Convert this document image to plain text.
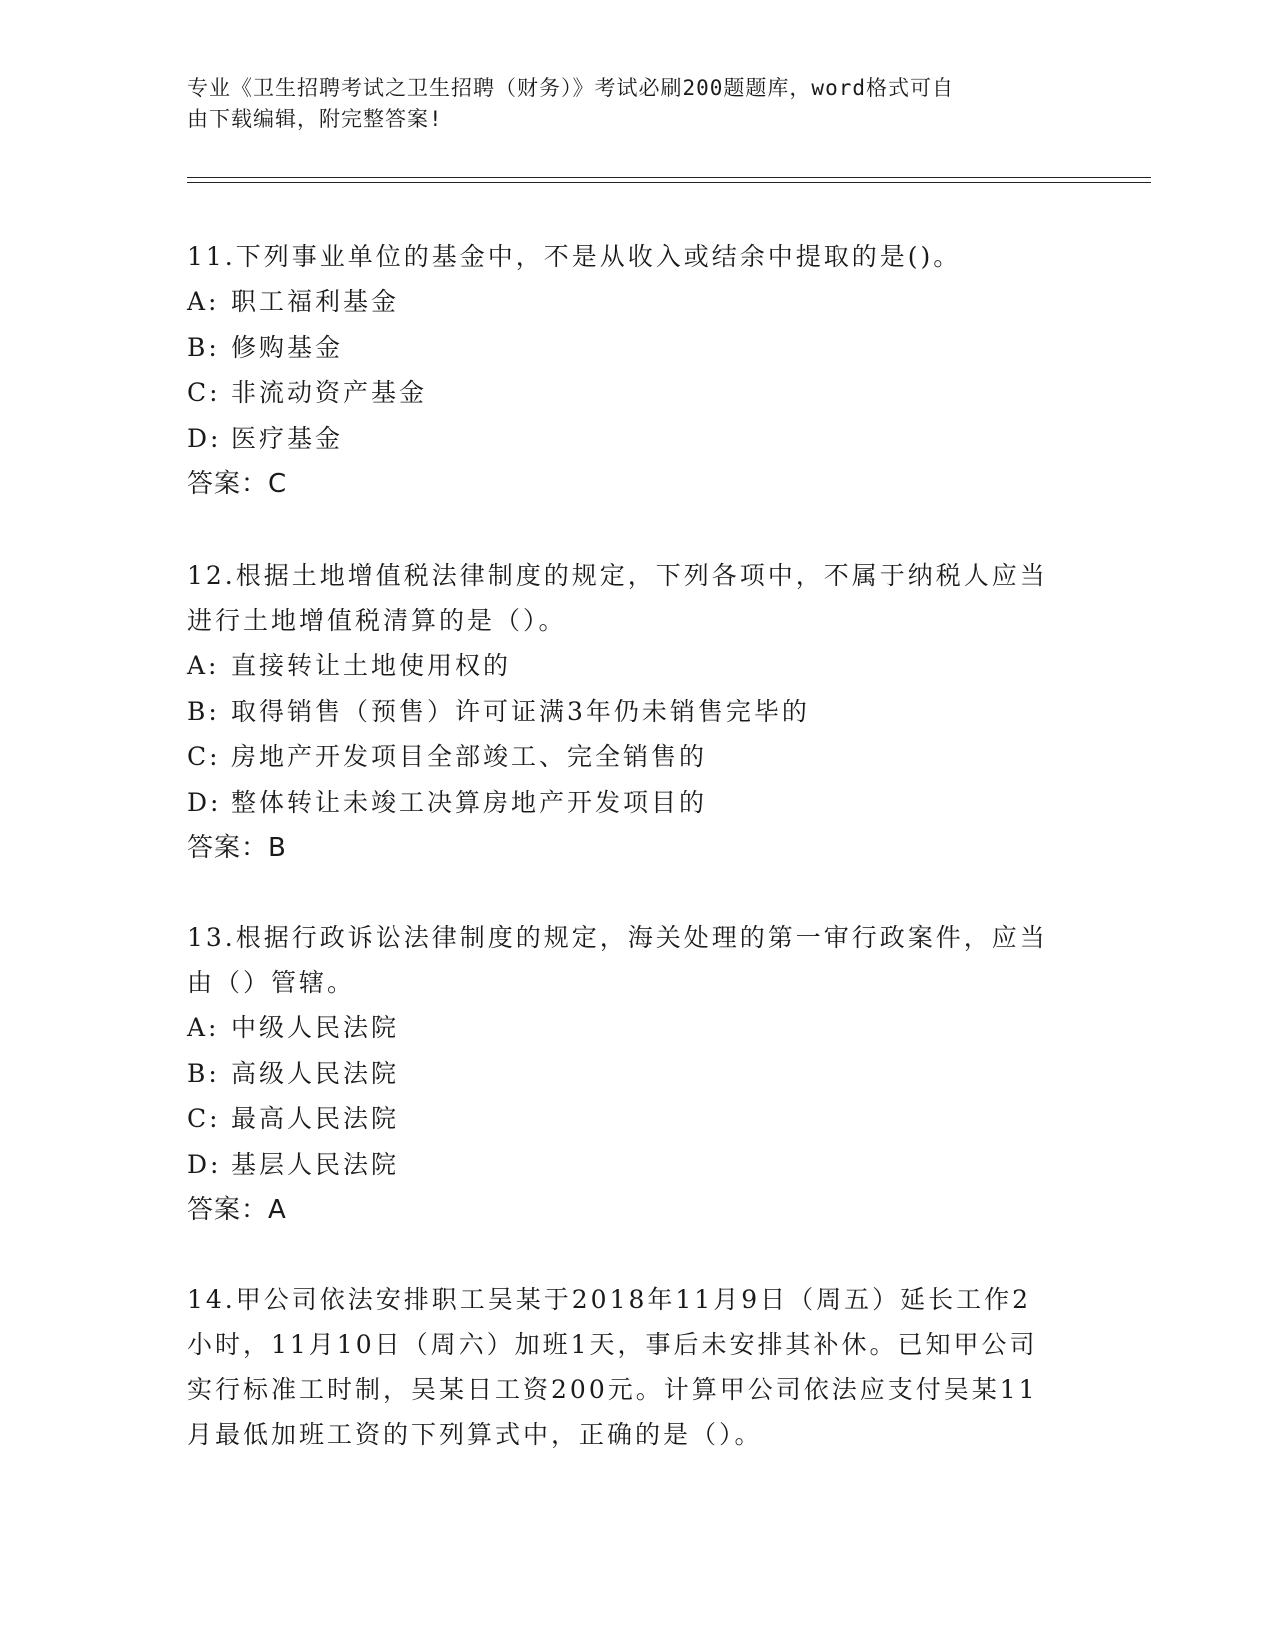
专业《卫生招聘考试之卫生招聘（财务）》考试必刷200题题库，word格式可自
由下载编辑，附完整答案!
11.下列事业单位的基金中，不是从收入或结余中提取的是()。
A: 职工福利基金
B: 修购基金
C: 非流动资产基金
D: 医疗基金
答案：C
12.根据土地增值税法律制度的规定，下列各项中，不属于纳税人应当
进行土地增值税清算的是（）。
A: 直接转让土地使用权的
B: 取得销售（预售）许可证满3年仍未销售完毕的
C: 房地产开发项目全部竣工、完全销售的
D: 整体转让未竣工决算房地产开发项目的
答案：B
13.根据行政诉讼法律制度的规定，海关处理的第一审行政案件，应当
由（）管辖。
A: 中级人民法院
B: 高级人民法院
C: 最高人民法院
D: 基层人民法院
答案：A
14.甲公司依法安排职工吴某于2018年11月9日（周五）延长工作2
小时，11月10日（周六）加班1天，事后未安排其补休。已知甲公司
实行标准工时制，吴某日工资200元。计算甲公司依法应支付吴某11
月最低加班工资的下列算式中，正确的是（）。
